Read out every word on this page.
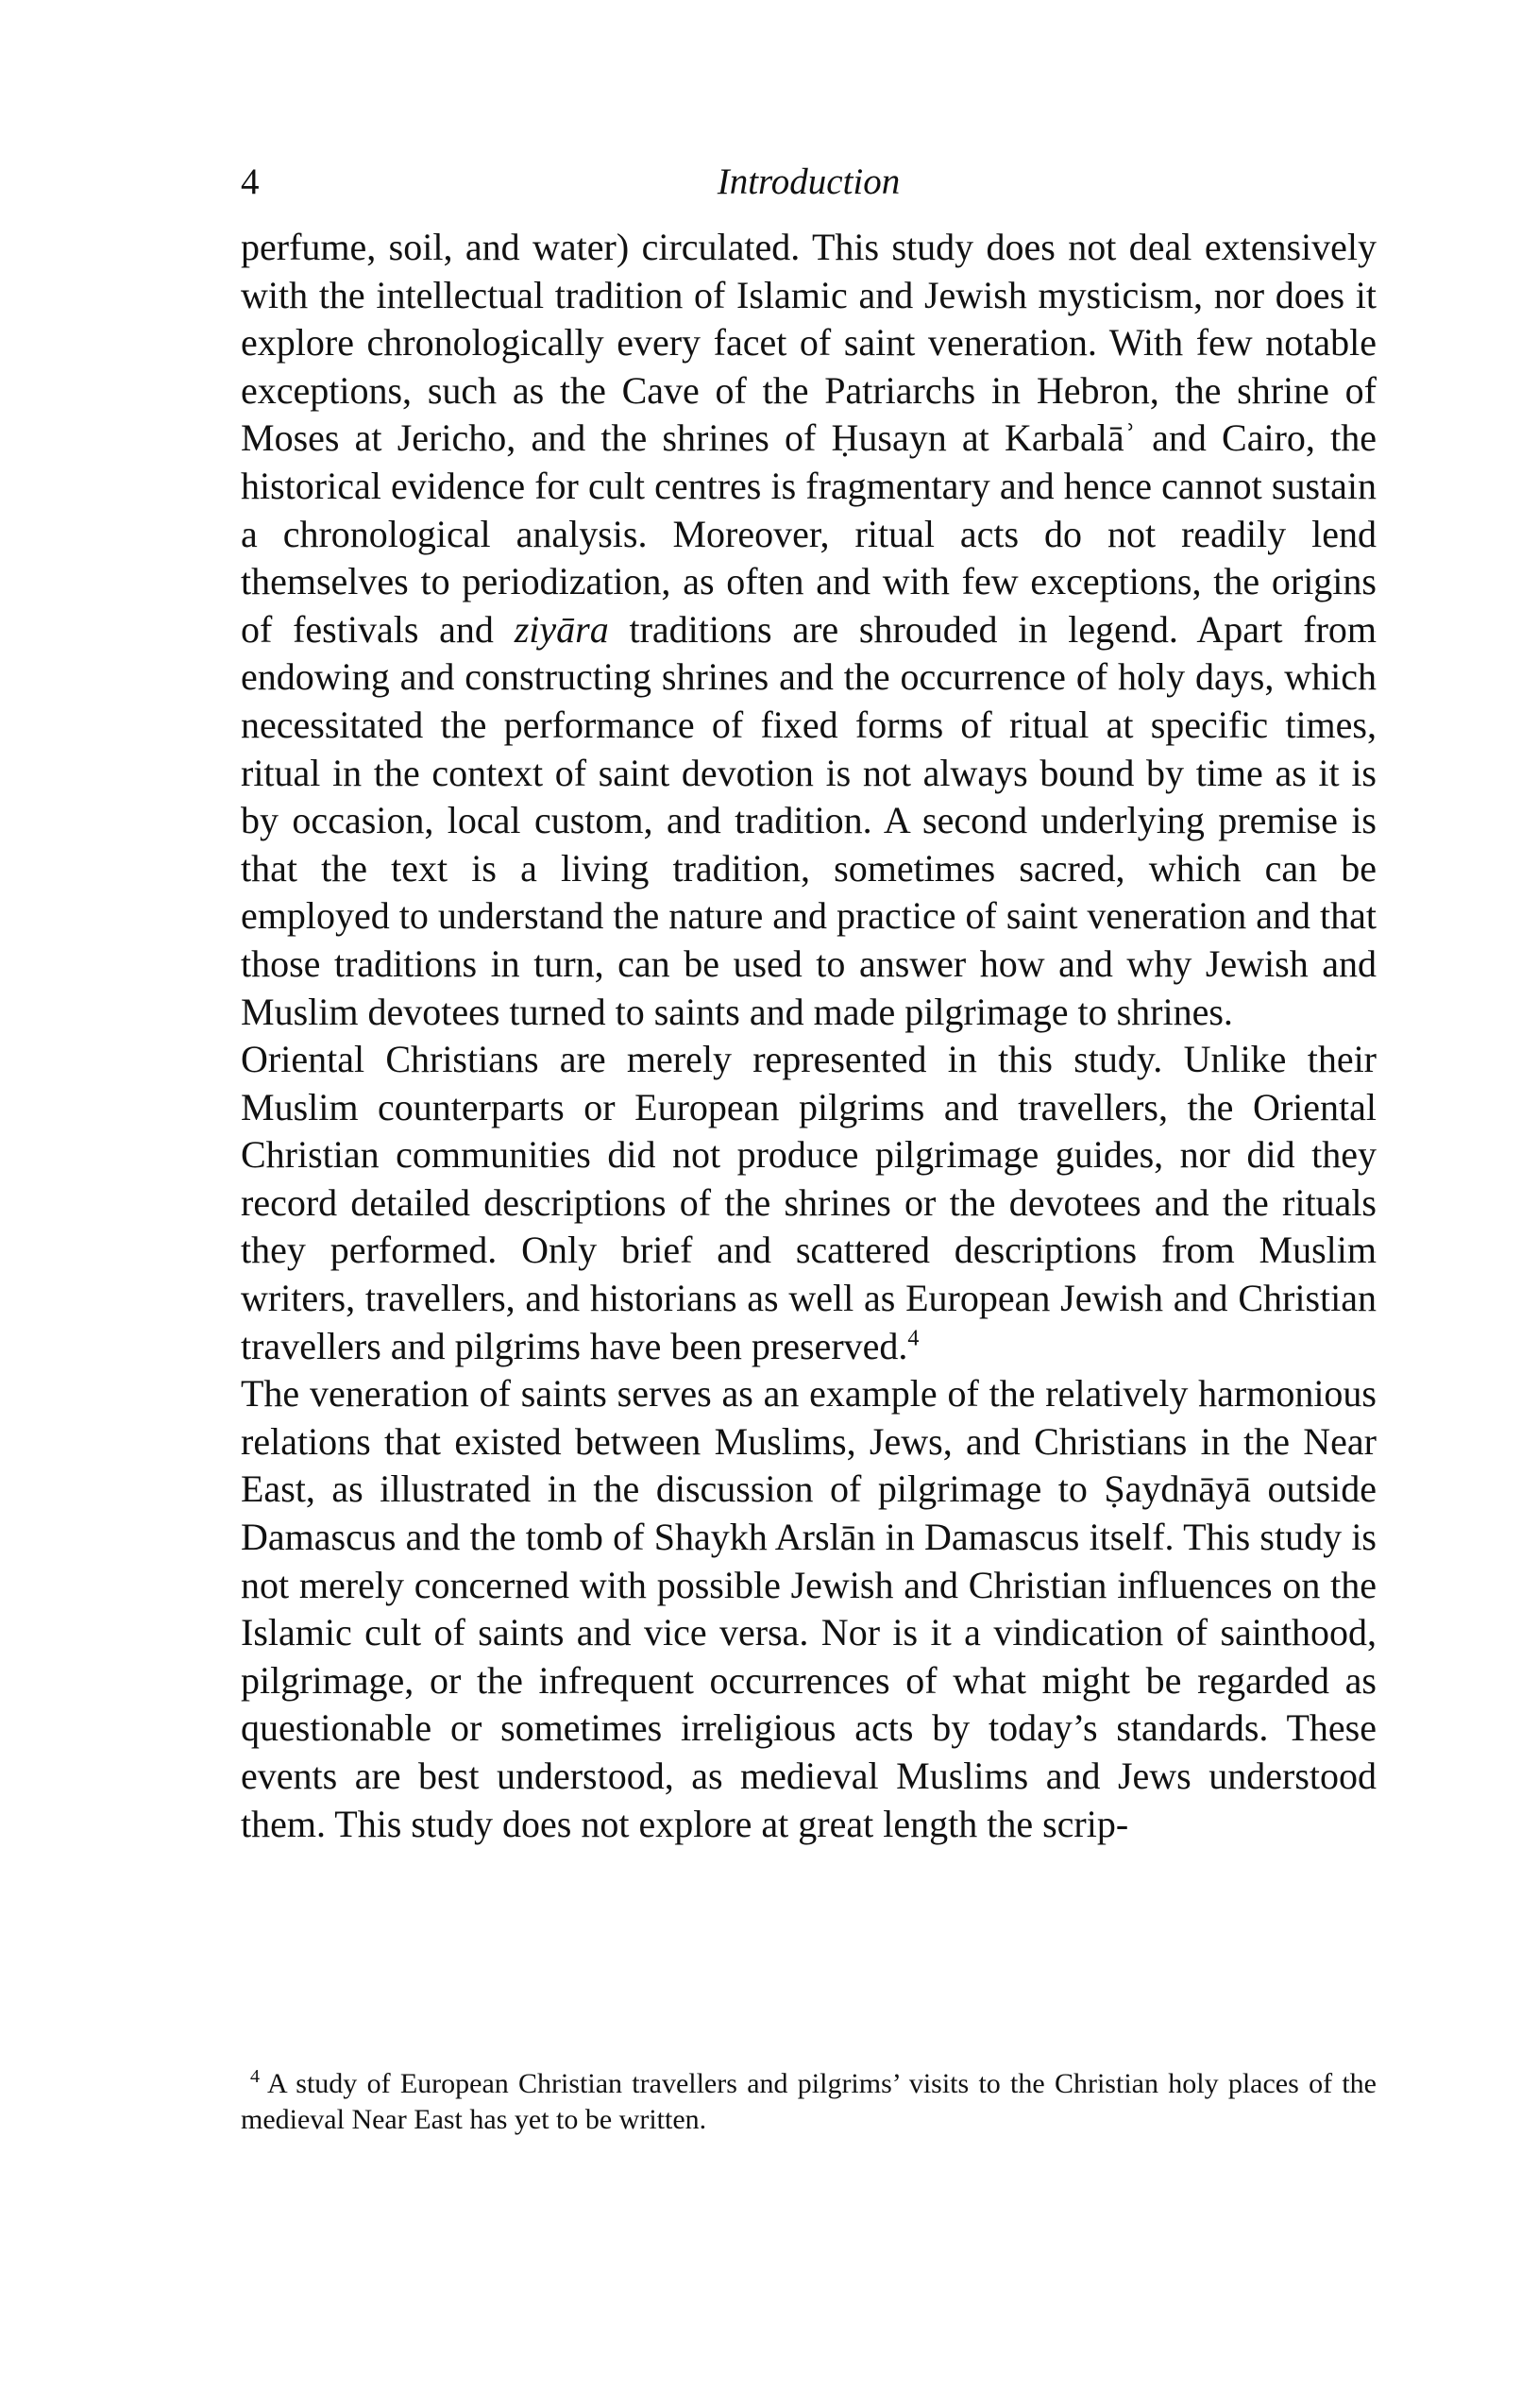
4	Introduction

perfume, soil, and water) circulated. This study does not deal extensively with the intellectual tradition of Islamic and Jewish mysticism, nor does it explore chronologically every facet of saint veneration. With few notable exceptions, such as the Cave of the Patriarchs in Hebron, the shrine of Moses at Jericho, and the shrines of Ḥusayn at Karbalāʾ and Cairo, the historical evidence for cult centres is fragmentary and hence cannot sustain a chronological analysis. Moreover, ritual acts do not readily lend themselves to periodization, as often and with few exceptions, the origins of festivals and ziyāra traditions are shrouded in legend. Apart from endowing and constructing shrines and the occurrence of holy days, which necessitated the performance of fixed forms of ritual at specific times, ritual in the context of saint devotion is not always bound by time as it is by occasion, local custom, and tradition. A second underlying premise is that the text is a living tradition, sometimes sacred, which can be employed to understand the nature and practice of saint veneration and that those traditions in turn, can be used to answer how and why Jewish and Muslim devotees turned to saints and made pilgrimage to shrines.

Oriental Christians are merely represented in this study. Unlike their Muslim counterparts or European pilgrims and travellers, the Oriental Christian communities did not produce pilgrimage guides, nor did they record detailed descriptions of the shrines or the devotees and the rituals they performed. Only brief and scattered descriptions from Muslim writers, travellers, and historians as well as European Jewish and Christian travellers and pilgrims have been preserved.$^4$

The veneration of saints serves as an example of the relatively harmonious relations that existed between Muslims, Jews, and Christians in the Near East, as illustrated in the discussion of pilgrimage to Ṣaydnāyā outside Damascus and the tomb of Shaykh Arslān in Damascus itself. This study is not merely concerned with possible Jewish and Christian influences on the Islamic cult of saints and vice versa. Nor is it a vindication of sainthood, pilgrimage, or the infrequent occurrences of what might be regarded as questionable or sometimes irreligious acts by today’s standards. These events are best understood, as medieval Muslims and Jews understood them. This study does not explore at great length the scrip-

$^4$ A study of European Christian travellers and pilgrims’ visits to the Christian holy places of the medieval Near East has yet to be written.
